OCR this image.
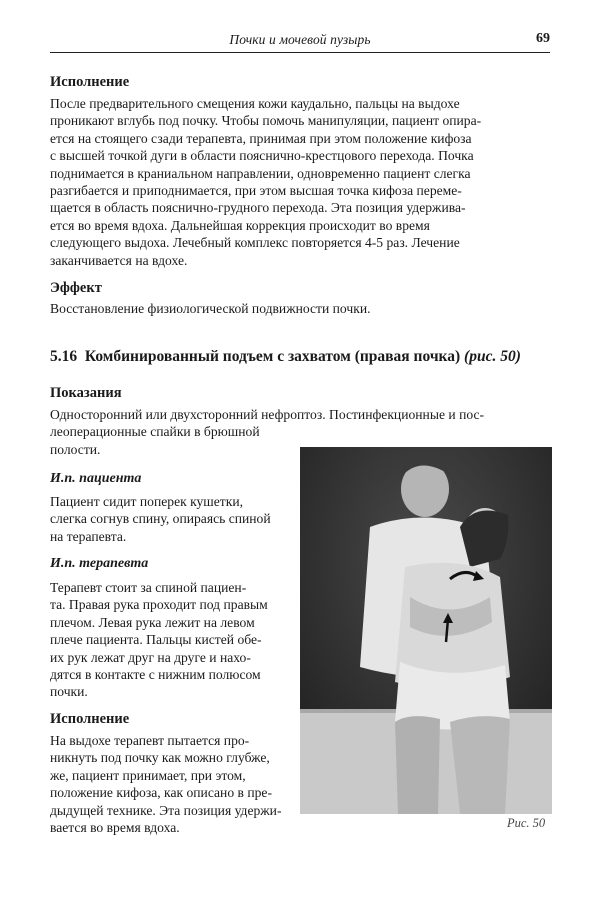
Почки и мочевой пузырь	69
Исполнение
После предварительного смещения кожи каудально, пальцы на выдохе
проникают вглубь под почку. Чтобы помочь манипуляции, пациент опира-
ется на стоящего сзади терапевта, принимая при этом положение кифоза
с высшей точкой дуги в области пояснично-крестцового перехода. Почка
поднимается в краниальном направлении, одновременно пациент слегка
разгибается и приподнимается, при этом высшая точка кифоза переме-
щается в область пояснично-грудного перехода. Эта позиция удержива-
ется во время вдоха. Дальнейшая коррекция происходит во время
следующего выдоха. Лечебный комплекс повторяется 4-5 раз. Лечение
заканчивается на вдохе.
Эффект
Восстановление физиологической подвижности почки.
5.16 Комбинированный подъем с захватом (правая почка) (рис. 50)
Показания
Односторонний или двухсторонний нефроптоз. Постинфекционные и пос-
леоперационные спайки в брюшной
полости.
И.п. пациента
Пациент сидит поперек кушетки,
слегка согнув спину, опираясь спиной
на терапевта.
И.п. терапевта
Терапевт стоит за спиной пациен-
та. Правая рука проходит под правым
плечом. Левая рука лежит на левом
плече пациента. Пальцы кистей обе-
их рук лежат друг на друге и нахо-
дятся в контакте с нижним полюсом
почки.
Исполнение
На выдохе терапевт пытается про-
никнуть под почку как можно глубже,
же, пациент принимает, при этом,
положение кифоза, как описано в пре-
дыдущей технике. Эта позиция удержи-
вается во время вдоха.	Рис. 50
